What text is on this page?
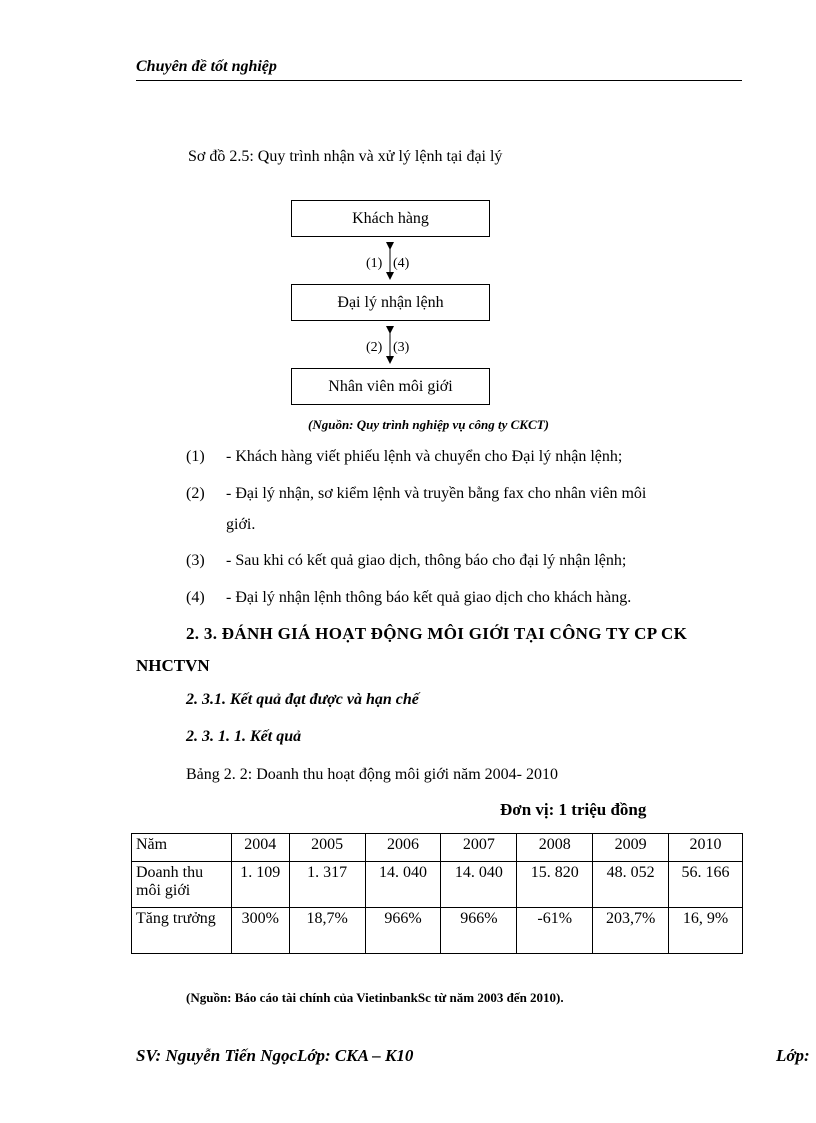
Chuyên đề tốt nghiệp
Sơ đồ 2.5: Quy trình nhận và xử lý lệnh tại đại lý
Khách hàng
Đại lý nhận lệnh
Nhân viên môi giới
(1) (4)
(2) (3)
(Nguồn: Quy trình nghiệp vụ công ty CKCT)
(1) - Khách hàng viết phiếu lệnh và chuyển cho Đại lý nhận lệnh;
(2) - Đại lý nhận, sơ kiểm lệnh và truyền bằng fax cho nhân viên môi
giới.
(3) - Sau khi có kết quả giao dịch, thông báo cho đại lý nhận lệnh;
(4) - Đại lý nhận lệnh thông báo kết quả giao dịch cho khách hàng.
2. 3. ĐÁNH GIÁ HOẠT ĐỘNG MÔI GIỚI TẠI CÔNG TY CP CK
NHCTVN
2. 3.1. Kết quả đạt được và hạn chế
2. 3. 1. 1. Kết quả
Bảng 2. 2: Doanh thu hoạt động môi giới năm 2004- 2010
Đơn vị: 1 triệu đồng
Năm	2004	2005	2006	2007	2008	2009	2010
Doanh thu môi giới	1. 109	1. 317	14. 040	14. 040	15. 820	48. 052	56. 166
Tăng trưởng	300%	18,7%	966%	966%	-61%	203,7%	16, 9%
(Nguồn: Báo cáo tài chính của VietinbankSc từ năm 2003 đến 2010).
SV: Nguyễn Tiến NgọcLớp: CKA – K10	Lớp:
